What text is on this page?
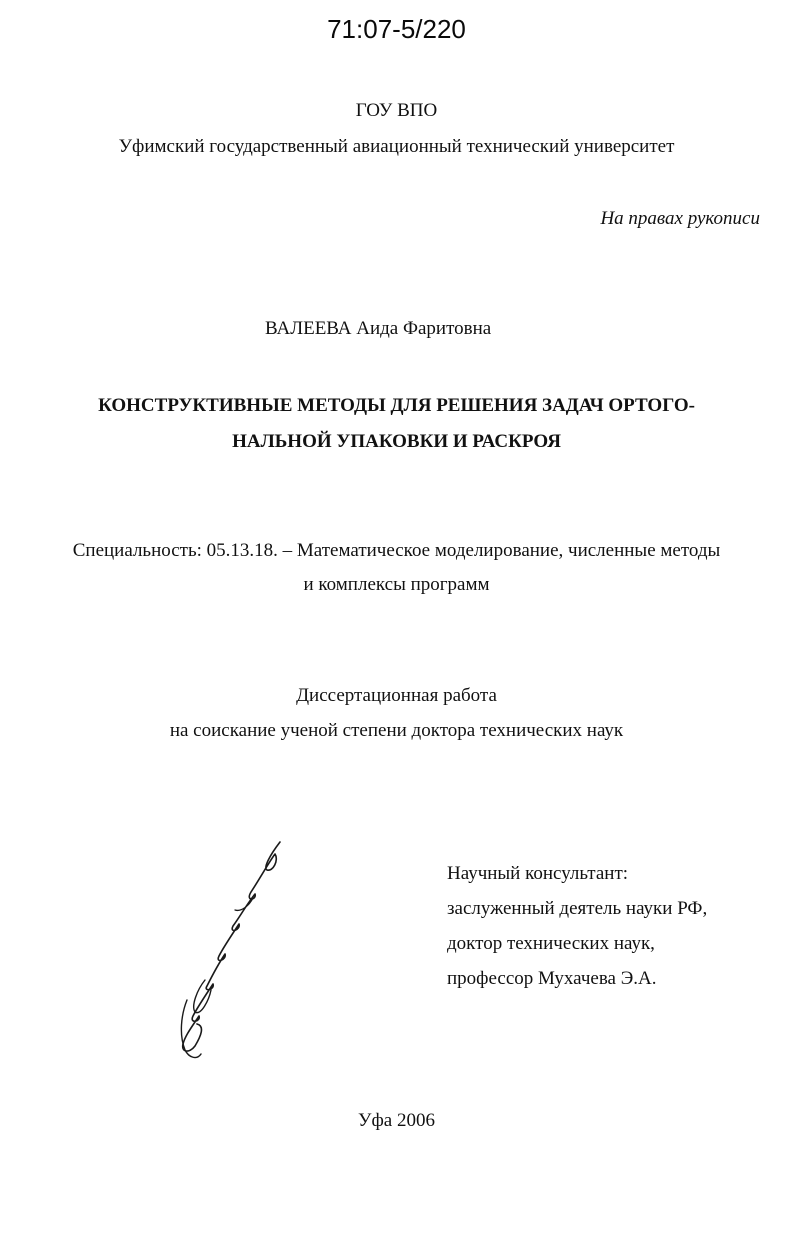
71:07-5/220
ГОУ ВПО
Уфимский государственный авиационный технический университет
На правах рукописи
ВАЛЕЕВА Аида Фаритовна
КОНСТРУКТИВНЫЕ МЕТОДЫ ДЛЯ РЕШЕНИЯ ЗАДАЧ ОРТОГО-
НАЛЬНОЙ УПАКОВКИ И РАСКРОЯ
Специальность: 05.13.18. – Математическое моделирование, численные методы
и комплексы программ
Диссертационная работа
на соискание ученой степени доктора технических наук
Научный консультант:
заслуженный деятель науки РФ,
доктор технических наук,
профессор Мухачева Э.А.
Уфа 2006
